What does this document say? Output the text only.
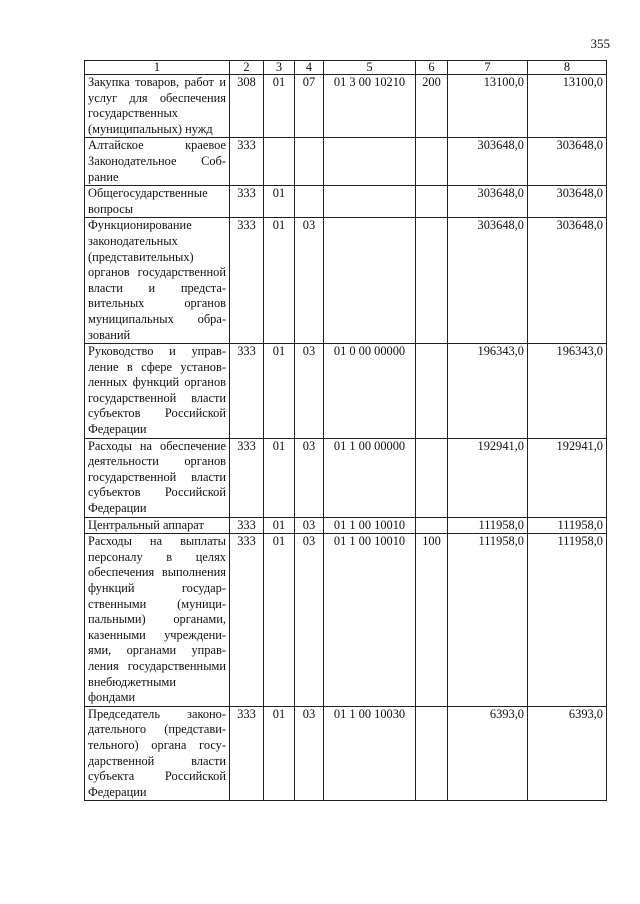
355
1	2	3	4	5	6	7	8
Закупка товаров, работ и услуг для обеспечения государственных (муниципальных) нужд	308	01	07	01 3 00 10210	200	13100,0	13100,0
Алтайское краевое Законодательное Собрание	333					303648,0	303648,0
Общегосударственные вопросы	333	01				303648,0	303648,0
Функционирование законодательных (представительных) органов государственной власти и представительных органов муниципальных образований	333	01	03			303648,0	303648,0
Руководство и управление в сфере установленных функций органов государственной власти субъектов Российской Федерации	333	01	03	01 0 00 00000		196343,0	196343,0
Расходы на обеспечение деятельности органов государственной власти субъектов Российской Федерации	333	01	03	01 1 00 00000		192941,0	192941,0
Центральный аппарат	333	01	03	01 1 00 10010		111958,0	111958,0
Расходы на выплаты персоналу в целях обеспечения выполнения функций государственными (муниципальными) органами, казенными учреждениями, органами управления государственными внебюджетными фондами	333	01	03	01 1 00 10010	100	111958,0	111958,0
Председатель законодательного (представительного) органа государственной власти субъекта Российской Федерации	333	01	03	01 1 00 10030		6393,0	6393,0
